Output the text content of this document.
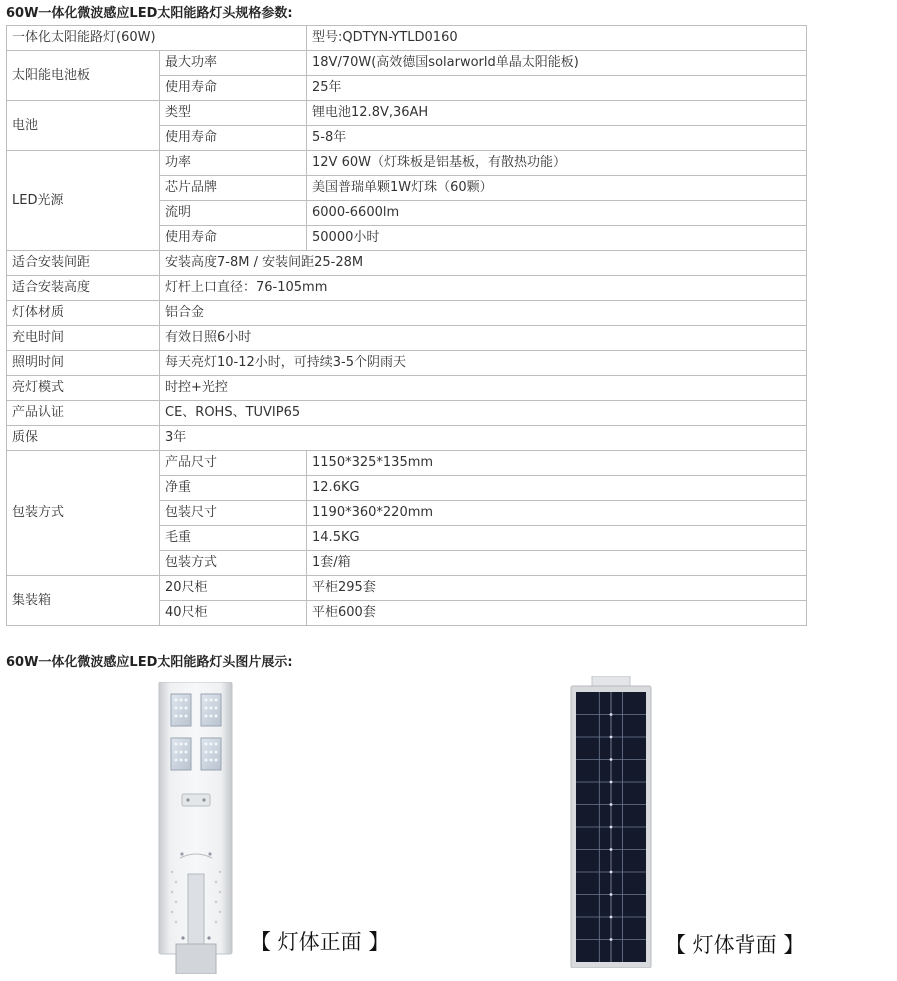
60W一体化微波感应LED太阳能路灯头规格参数:
一体化太阳能路灯(60W)		型号:QDTYN-YTLD0160
太阳能电池板	最大功率	18V/70W(高效德国solarworld单晶太阳能板)
	使用寿命	25年
电池	类型	锂电池12.8V,36AH
	使用寿命	5-8年
LED光源	功率	12V 60W（灯珠板是铝基板，有散热功能）
	芯片品牌	美国普瑞单颗1W灯珠（60颗）
	流明	6000-6600lm
	使用寿命	50000小时
适合安装间距	安装高度7-8M / 安装间距25-28M	
适合安装高度	灯杆上口直径：76-105mm	
灯体材质	铝合金	
充电时间	有效日照6小时	
照明时间	每天亮灯10-12小时，可持续3-5个阴雨天	
亮灯模式	时控+光控	
产品认证	CE、ROHS、TUVIP65	
质保	3年	
包装方式	产品尺寸	1150*325*135mm
	净重	12.6KG
	包装尺寸	1190*360*220mm
	毛重	14.5KG
	包装方式	1套/箱
集装箱	20尺柜	平柜295套
	40尺柜	平柜600套
60W一体化微波感应LED太阳能路灯头图片展示:
【 灯体正面 】	【 灯体背面 】
